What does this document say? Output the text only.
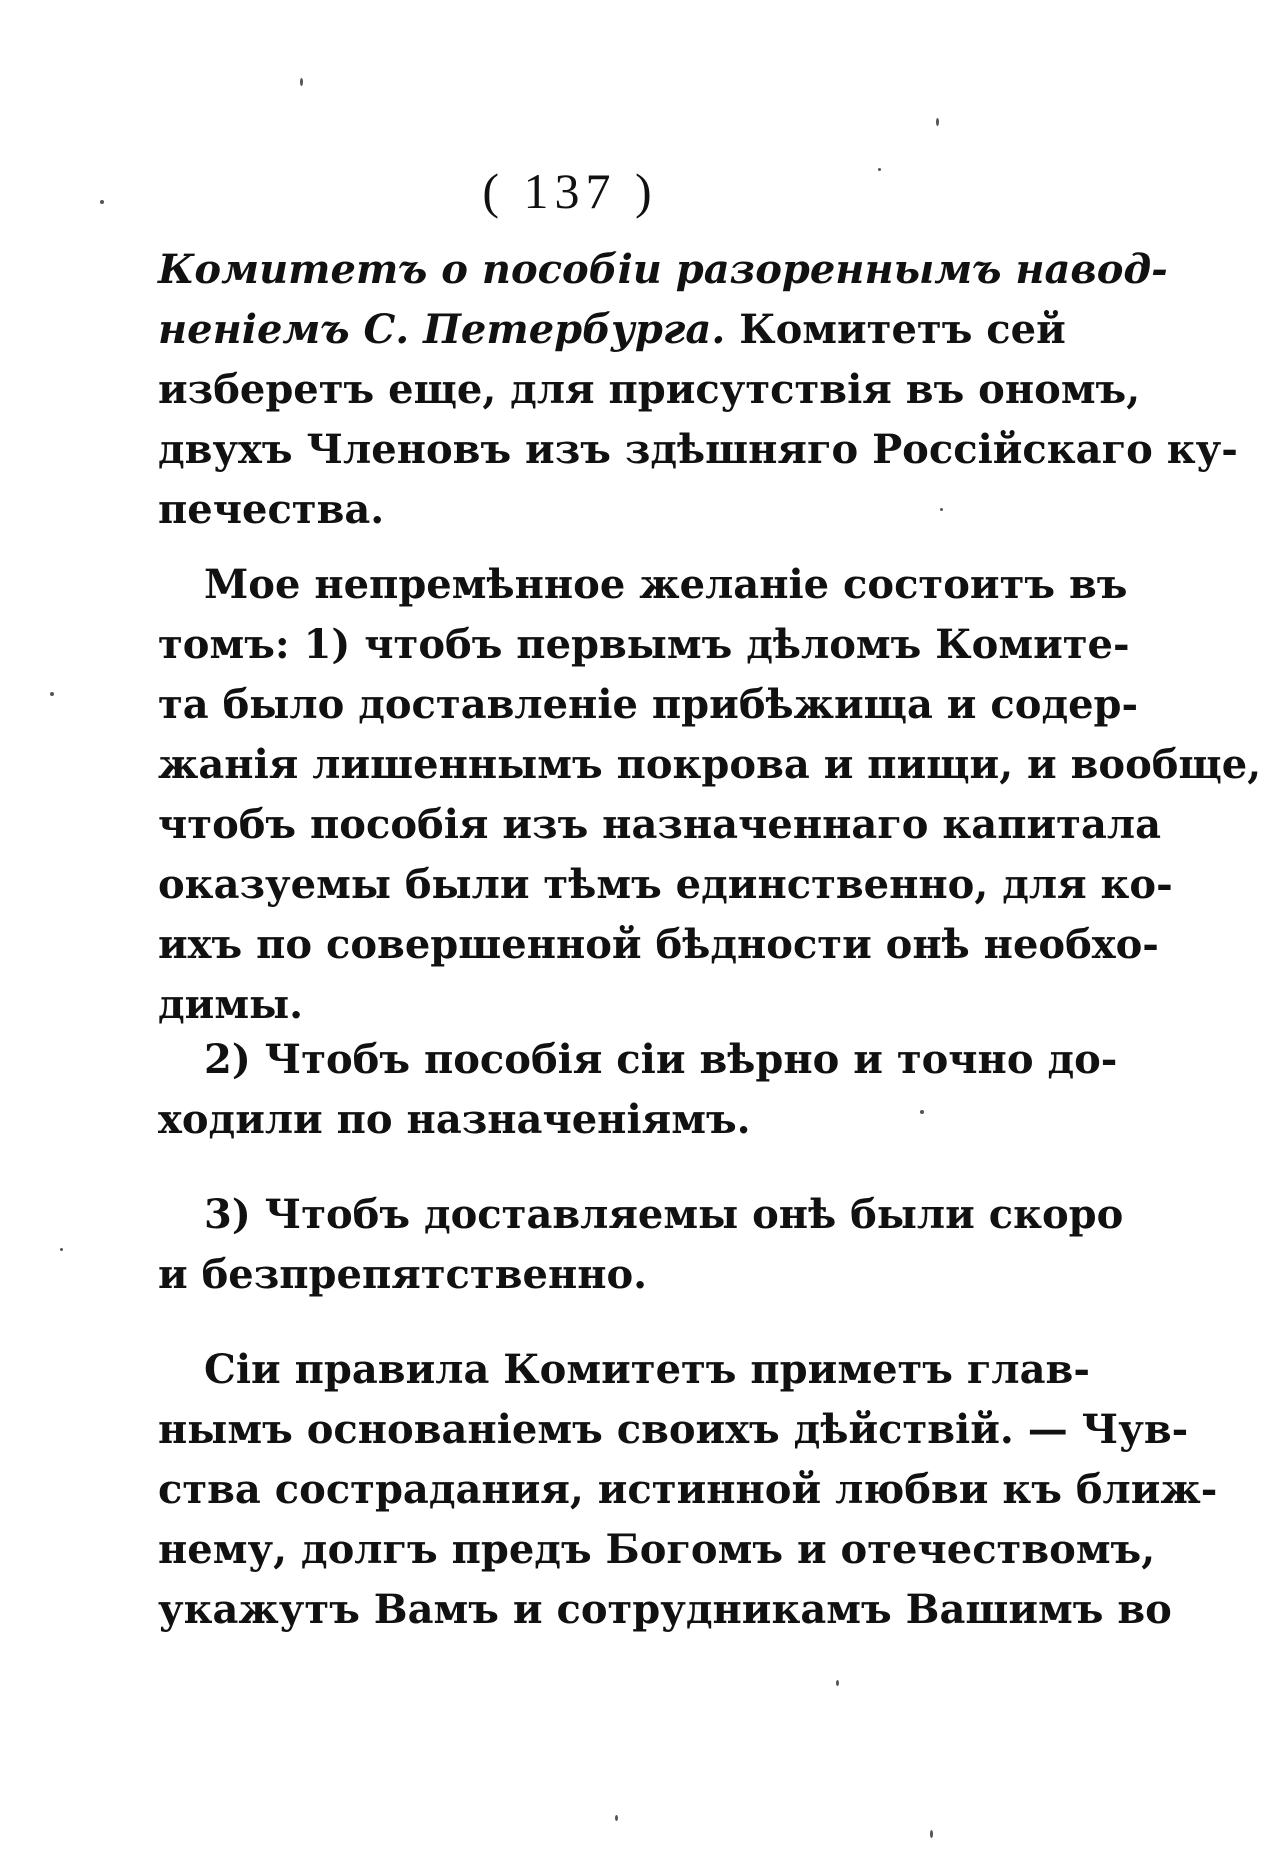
( 137 )
Комитетъ о пособіи разореннымъ навод-
неніемъ С. Петербурга. Комитетъ сей
изберетъ еще, для присутствія въ ономъ,
двухъ Членовъ изъ здѣшняго Россійскаго ку-
печества.
Мое непремѣнное желаніе состоитъ въ
томъ: 1) чтобъ первымъ дѣломъ Комите-
та было доставленіе прибѣжища и содер-
жанія лишеннымъ покрова и пищи, и вообще,
чтобъ пособія изъ назначеннаго капитала
оказуемы были тѣмъ единственно, для ко-
ихъ по совершенной бѣдности онѣ необхо-
димы.
2) Чтобъ пособія сіи вѣрно и точно до-
ходили по назначеніямъ.
3) Чтобъ доставляемы онѣ были скоро
и безпрепятственно.
Сіи правила Комитетъ приметъ глав-
нымъ основаніемъ своихъ дѣйствій. — Чув-
ства сострадания, истинной любви къ ближ-
нему, долгъ предъ Богомъ и отечествомъ,
укажутъ Вамъ и сотрудникамъ Вашимъ во
